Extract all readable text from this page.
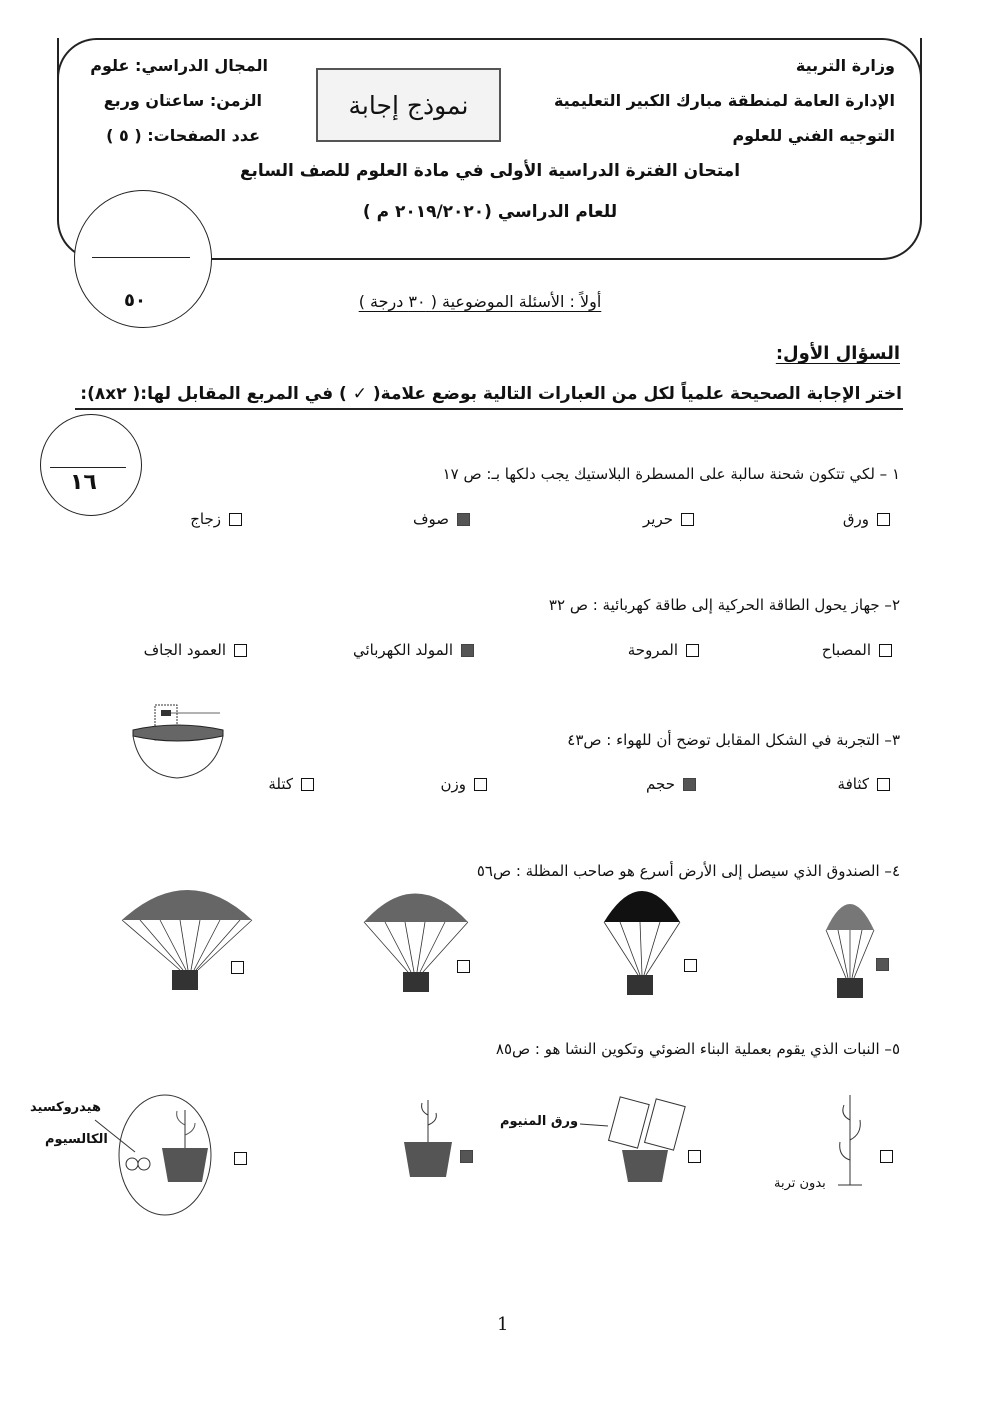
وزارة التربية
الإدارة العامة لمنطقة مبارك الكبير التعليمية
التوجيه الفني للعلوم
المجال الدراسي: علوم
الزمن: ساعتان وربع
عدد الصفحات: ( ٥ )
نموذج إجابة
امتحان الفترة الدراسية الأولى في مادة العلوم للصف السابع
للعام الدراسي (٢٠١٩/٢٠٢٠ م )
٥٠	أولاً : الأسئلة الموضوعية ( ٣٠ درجة )
السؤال الأول:
اختر الإجابة الصحيحة علمياً لكل من العبارات التالية بوضع علامة( ✓ ) في المربع المقابل لها:( ٨x٢):
١٦	١ – لكي تتكون شحنة سالبة على المسطرة البلاستيك يجب دلكها بـ: ص ١٧
ورق
حرير
صوف
زجاج
٢– جهاز يحول الطاقة الحركية إلى طاقة كهربائية : ص ٣٢
المصباح
المروحة
المولد الكهربائي
العمود الجاف
٣– التجربة في الشكل المقابل توضح أن للهواء : ص٤٣
كثافة
حجم
وزن
كتلة
٤– الصندوق الذي سيصل إلى الأرض أسرع هو صاحب المظلة : ص٥٦
٥– النبات الذي يقوم بعملية البناء الضوئي وتكوين النشا هو : ص٨٥
بدون تربة
ورق المنيوم
هيدروكسيد
الكالسيوم
1
